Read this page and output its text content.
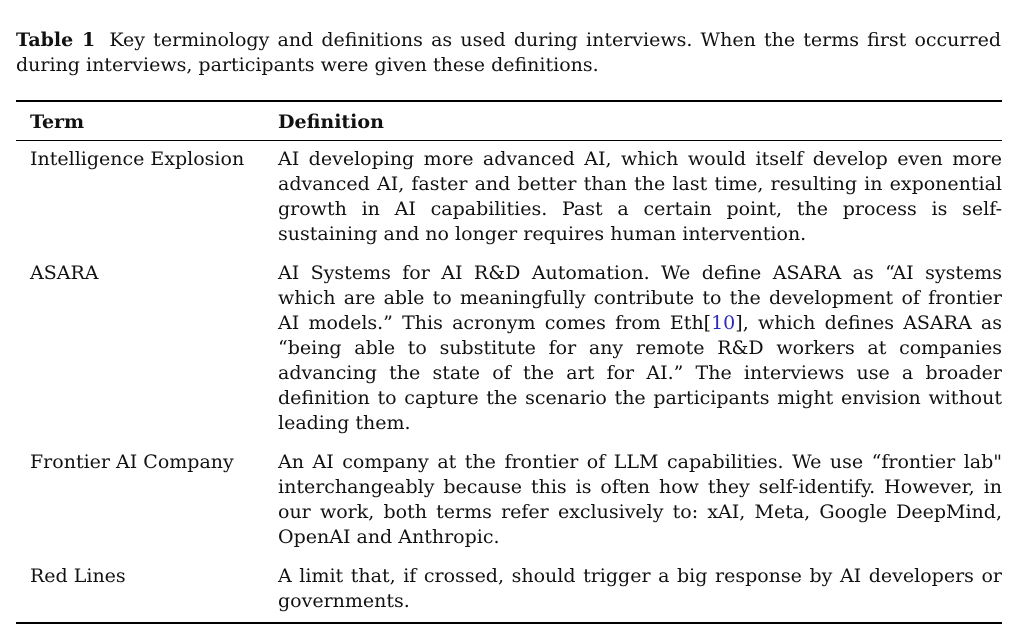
Table 1 Key terminology and definitions as used during interviews. When the terms first occurred during interviews, participants were given these definitions.

Term	Definition
Intelligence Explosion	AI developing more advanced AI, which would itself develop even more advanced AI, faster and better than the last time, resulting in exponential growth in AI capabilities. Past a certain point, the process is self-sustaining and no longer requires human intervention.
ASARA	AI Systems for AI R&D Automation. We define ASARA as “AI systems which are able to meaningfully contribute to the development of frontier AI models.” This acronym comes from Eth[10], which defines ASARA as “being able to substitute for any remote R&D workers at companies advancing the state of the art for AI.” The interviews use a broader definition to capture the scenario the participants might envision without leading them.
Frontier AI Company	An AI company at the frontier of LLM capabilities. We use “frontier lab" interchangeably because this is often how they self-identify. However, in our work, both terms refer exclusively to: xAI, Meta, Google DeepMind, OpenAI and Anthropic.
Red Lines	A limit that, if crossed, should trigger a big response by AI developers or governments.
